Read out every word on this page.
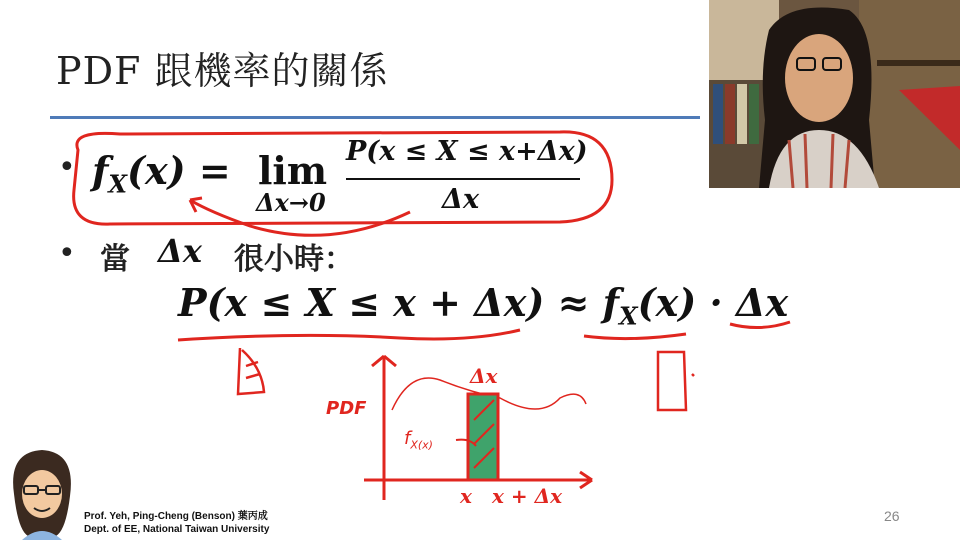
PDF 跟機率的關係
• $f_X(x) = \lim$
Δx→0
P(x ≤ X ≤ x+Δx)
Δx
• 當 Δx 很小時：
$P(x \le X \le x + \Delta x) \approx f_X(x) \cdot \Delta x$
PDF
Δx
$f_{X(x)}$
x x + Δx
Prof. Yeh, Ping-Cheng (Benson) 葉丙成
Dept. of EE, National Taiwan University
26
